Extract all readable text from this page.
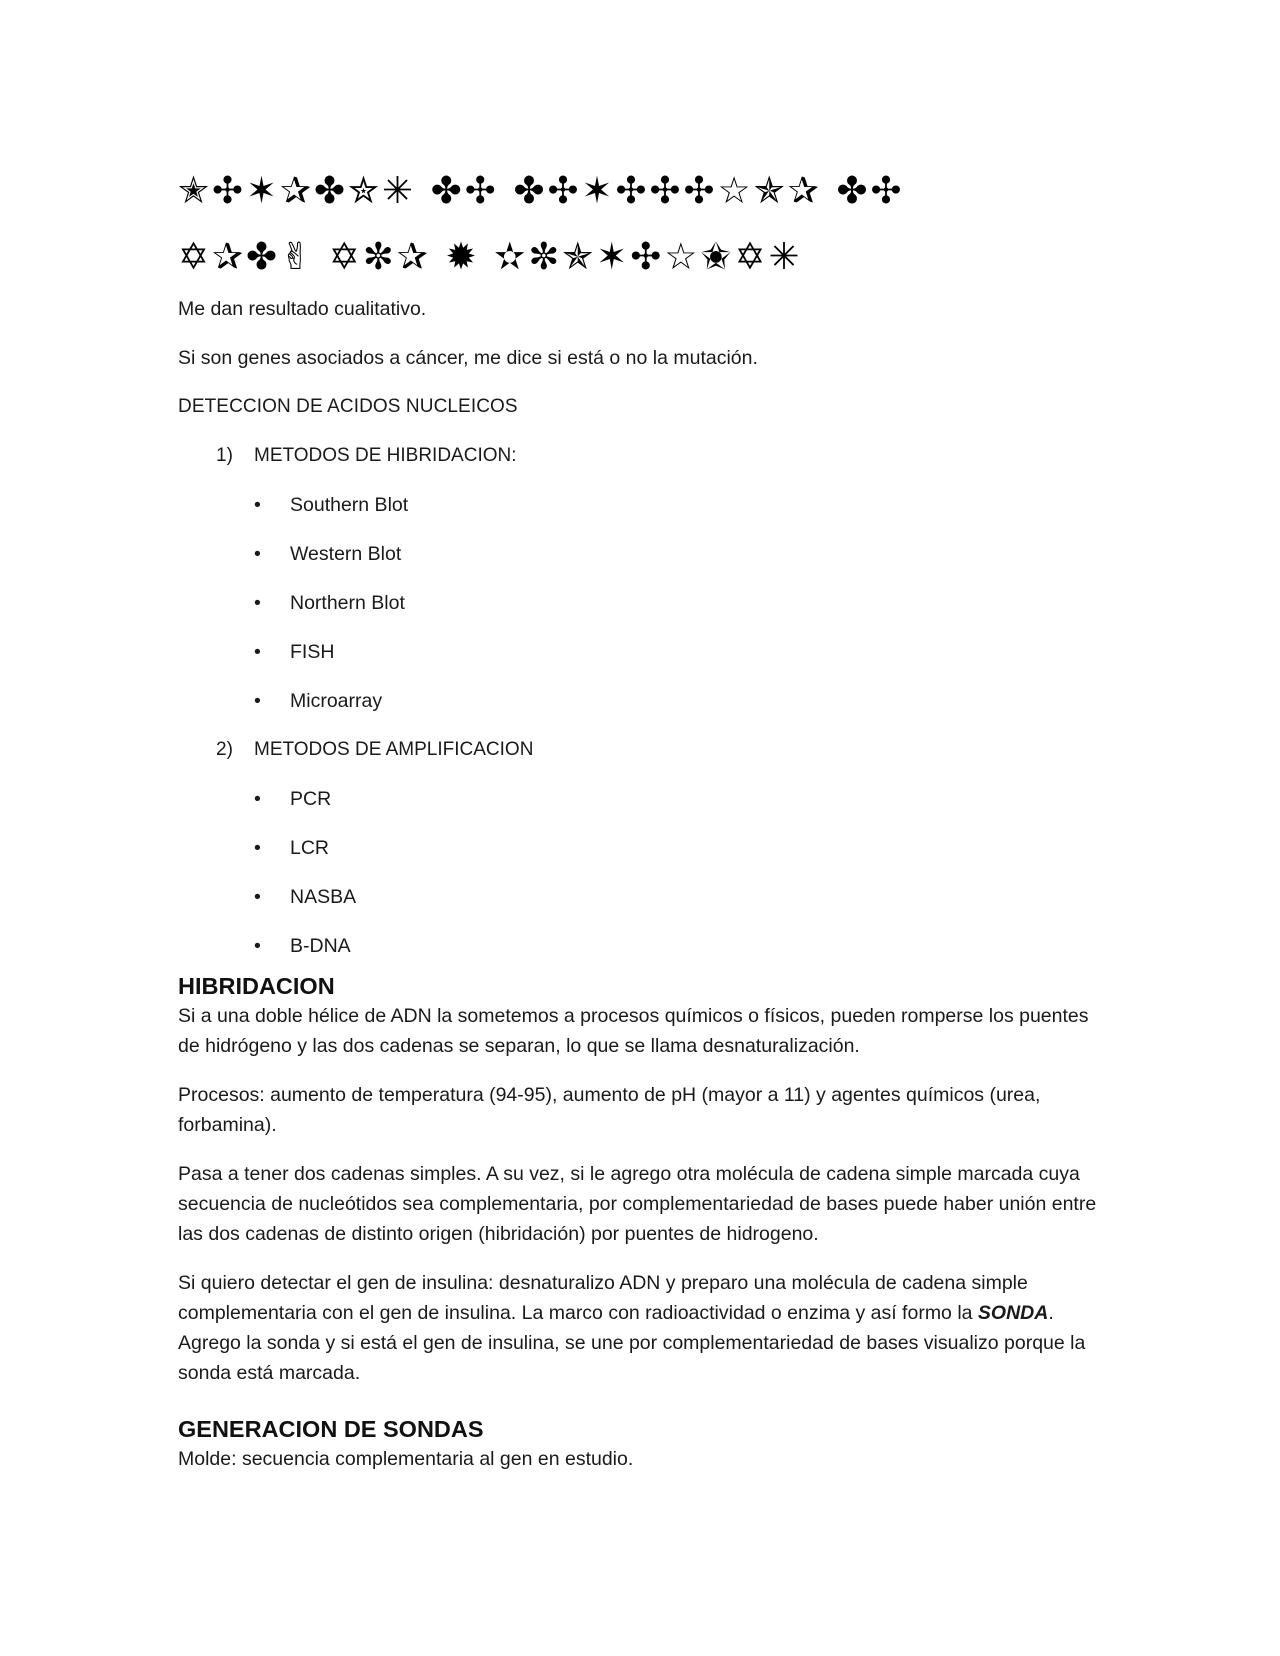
✭✣✶✰✤✮✳ ✤✣ ✤✣✶✣✣✣☆✯✰ ✤✣
✡✰✤✌ ✡✼✰ ✹ ✫✼✯✶✣☆✬✡✳

Me dan resultado cualitativo.

Si son genes asociados a cáncer, me dice si está o no la mutación.

DETECCION DE ACIDOS NUCLEICOS

1) METODOS DE HIBRIDACION:
• Southern Blot
• Western Blot
• Northern Blot
• FISH
• Microarray
2) METODOS DE AMPLIFICACION
• PCR
• LCR
• NASBA
• B-DNA
HIBRIDACION

Si a una doble hélice de ADN la sometemos a procesos químicos o físicos, pueden romperse los puentes de hidrógeno y las dos cadenas se separan, lo que se llama desnaturalización.

Procesos: aumento de temperatura (94-95), aumento de pH (mayor a 11) y agentes químicos (urea, forbamina).

Pasa a tener dos cadenas simples. A su vez, si le agrego otra molécula de cadena simple marcada cuya secuencia de nucleótidos sea complementaria, por complementariedad de bases puede haber unión entre las dos cadenas de distinto origen (hibridación) por puentes de hidrogeno.

Si quiero detectar el gen de insulina: desnaturalizo ADN y preparo una molécula de cadena simple complementaria con el gen de insulina. La marco con radioactividad o enzima y así formo la SONDA. Agrego la sonda y si está el gen de insulina, se une por complementariedad de bases visualizo porque la sonda está marcada.

GENERACION DE SONDAS

Molde: secuencia complementaria al gen en estudio.
